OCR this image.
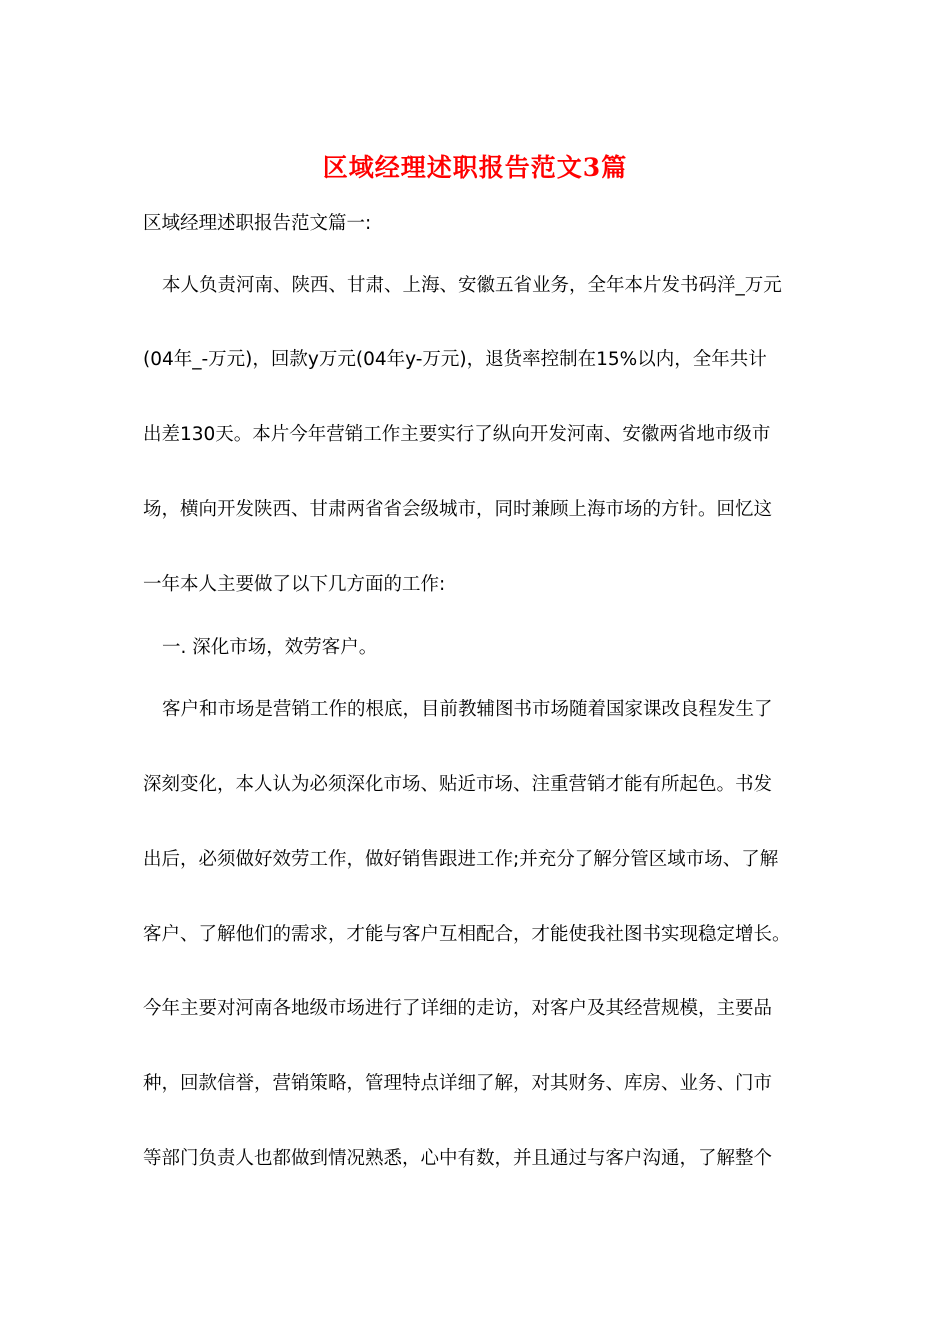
区域经理述职报告范文3篇

区域经理述职报告范文篇一:

本人负责河南、陕西、甘肃、上海、安徽五省业务，全年本片发书码洋_万元

(04年_-万元)，回款y万元(04年y-万元)，退货率控制在15%以内，全年共计

出差130天。本片今年营销工作主要实行了纵向开发河南、安徽两省地市级市

场，横向开发陕西、甘肃两省省会级城市，同时兼顾上海市场的方针。回忆这

一年本人主要做了以下几方面的工作:

一. 深化市场，效劳客户。

客户和市场是营销工作的根底，目前教辅图书市场随着国家课改良程发生了

深刻变化，本人认为必须深化市场、贴近市场、注重营销才能有所起色。书发

出后，必须做好效劳工作，做好销售跟进工作;并充分了解分管区域市场、了解

客户、了解他们的需求，才能与客户互相配合，才能使我社图书实现稳定增长。

今年主要对河南各地级市场进行了详细的走访，对客户及其经营规模，主要品

种，回款信誉，营销策略，管理特点详细了解，对其财务、库房、业务、门市

等部门负责人也都做到情况熟悉，心中有数，并且通过与客户沟通，了解整个
